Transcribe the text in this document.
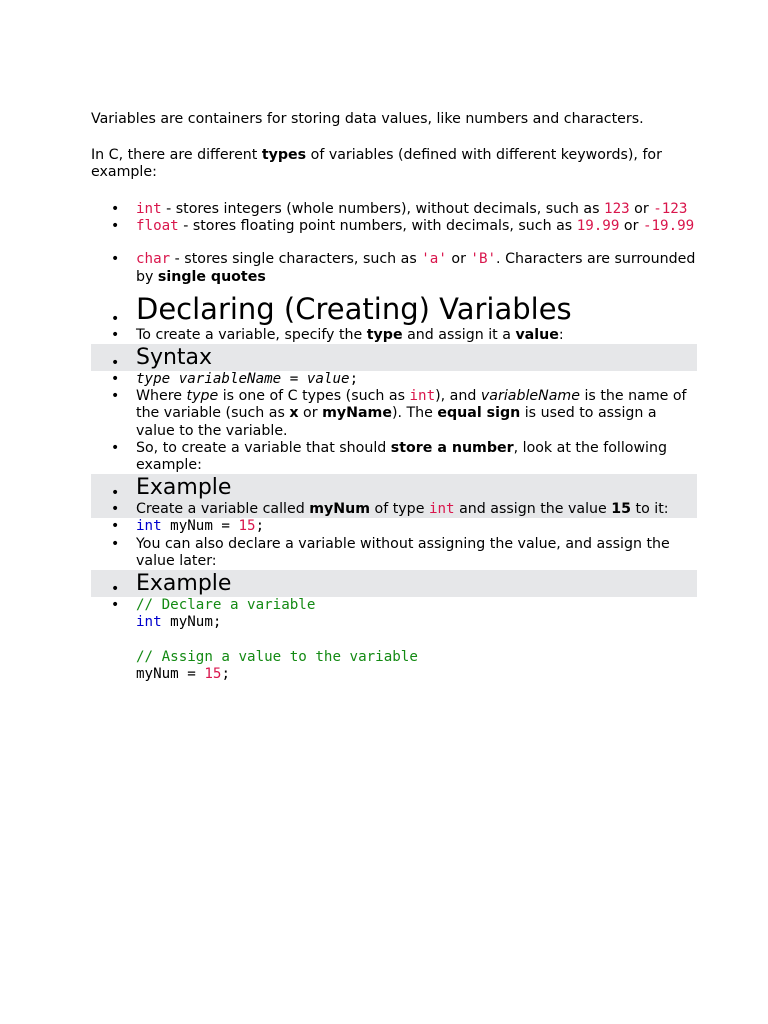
Variables are containers for storing data values, like numbers and characters.

In C, there are different types of variables (defined with different keywords), for example:

• int - stores integers (whole numbers), without decimals, such as 123 or -123
• float - stores floating point numbers, with decimals, such as 19.99 or -19.99
• char - stores single characters, such as 'a' or 'B'. Characters are surrounded by single quotes
• Declaring (Creating) Variables
• To create a variable, specify the type and assign it a value:
• Syntax
• type variableName = value;
• Where type is one of C types (such as int), and variableName is the name of the variable (such as x or myName). The equal sign is used to assign a value to the variable.
• So, to create a variable that should store a number, look at the following example:
• Example
• Create a variable called myNum of type int and assign the value 15 to it:
• int myNum = 15;
• You can also declare a variable without assigning the value, and assign the value later:
• Example
• // Declare a variable
int myNum;

// Assign a value to the variable
myNum = 15;
